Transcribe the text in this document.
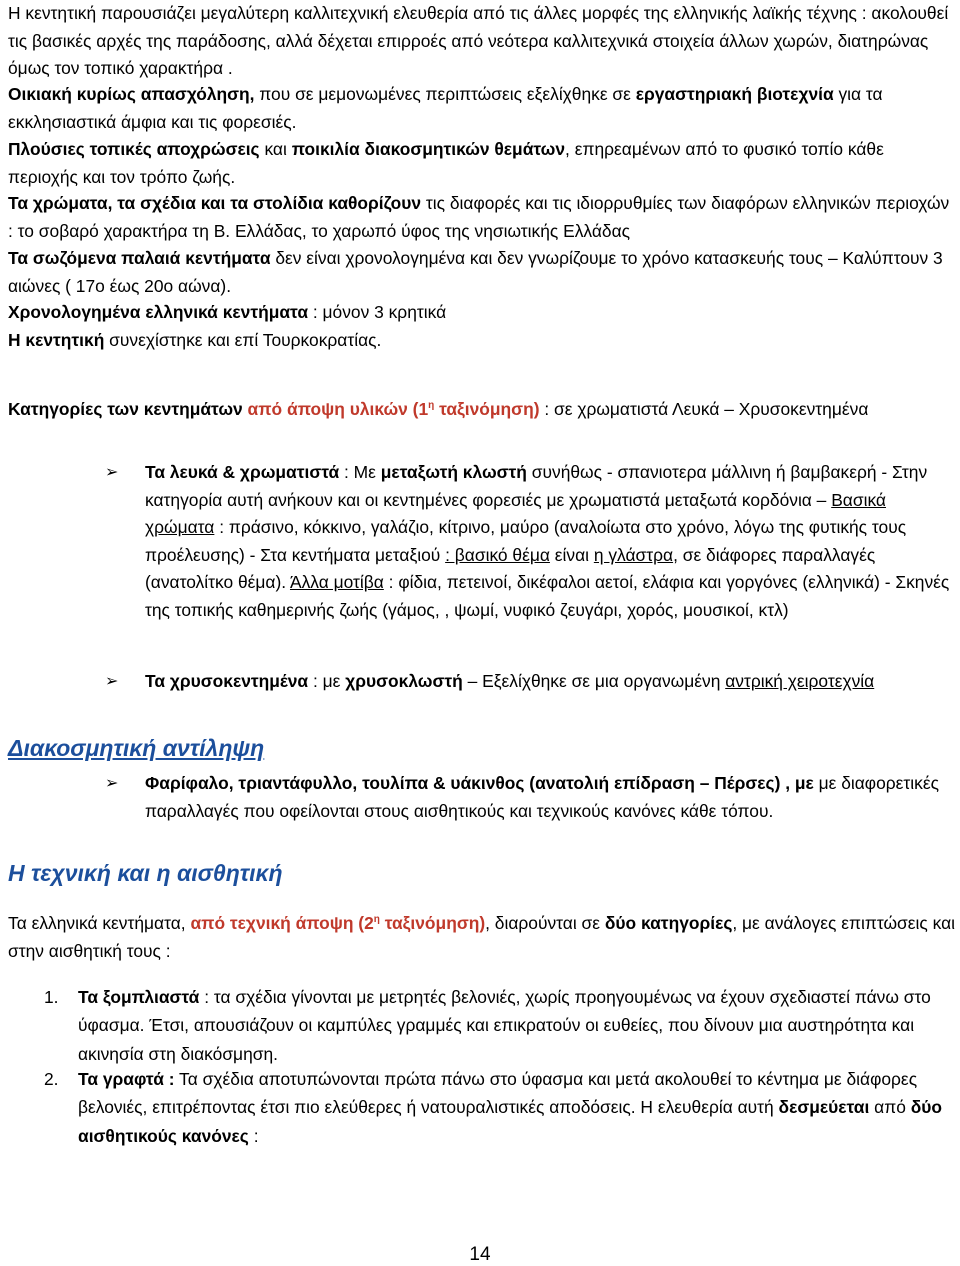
Η κεντητική παρουσιάζει μεγαλύτερη καλλιτεχνική ελευθερία από τις άλλες μορφές της ελληνικής λαϊκής τέχνης : ακολουθεί τις βασικές αρχές της παράδοσης, αλλά δέχεται επιρροές από νεότερα καλλιτεχνικά στοιχεία άλλων χωρών, διατηρώνας όμως τον τοπικό χαρακτήρα .

Οικιακή κυρίως απασχόληση, που σε μεμονωμένες περιπτώσεις εξελίχθηκε σε εργαστηριακή βιοτεχνία για τα εκκλησιαστικά άμφια και τις φορεσιές.

Πλούσιες τοπικές αποχρώσεις και ποικιλία διακοσμητικών θεμάτων, επηρεαμένων από το φυσικό τοπίο κάθε περιοχής και τον τρόπο ζωής.

Τα χρώματα, τα σχέδια και τα στολίδια καθορίζουν τις διαφορές και τις ιδιορρυθμίες των διαφόρων ελληνικών περιοχών : το σοβαρό χαρακτήρα τη Β. Ελλάδας, το χαρωπό ύφος της νησιωτικής Ελλάδας

Τα σωζόμενα παλαιά κεντήματα δεν είναι χρονολογημένα και δεν γνωρίζουμε το χρόνο κατασκευής τους – Καλύπτουν 3 αιώνες ( 17ο έως 20ο αώνα).

Χρονολογημένα ελληνικά κεντήματα : μόνον 3 κρητικά

Η κεντητική συνεχίστηκε και επί Τουρκοκρατίας.

Κατηγορίες των κεντημάτων από άποψη υλικών ($1^\eta$ ταξινόμηση) : σε χρωματιστά Λευκά – Χρυσοκεντημένα

➢ Τα λευκά & χρωματιστά : Με μεταξωτή κλωστή συνήθως - σπανιοτερα μάλλινη ή βαμβακερή - Στην κατηγορία αυτή ανήκουν και οι κεντημένες φορεσιές με χρωματιστά μεταξωτά κορδόνια – Βασικά χρώματα : πράσινο, κόκκινο, γαλάζιο, κίτρινο, μαύρο (αναλοίωτα στο χρόνο, λόγω της φυτικής τους προέλευσης) - Στα κεντήματα μεταξιού : βασικό θέμα είναι η γλάστρα, σε διάφορες παραλλαγές (ανατολίτκο θέμα). Άλλα μοτίβα : φίδια, πετεινοί, δικέφαλοι αετοί, ελάφια και γοργόνες (ελληνικά) - Σκηνές της τοπικής καθημερινής ζωής (γάμος, , ψωμί, νυφικό ζευγάρι, χορός, μουσικοί, κτλ)

➢ Τα χρυσοκεντημένα : με χρυσοκλωστή – Εξελίχθηκε σε μια οργανωμένη αντρική χειροτεχνία

Διακοσμητική αντίληψη
➢ Φαρίφαλο, τριαντάφυλλο, τουλίπα & υάκινθος (ανατολιή επίδραση – Πέρσες) , με με διαφορετικές παραλλαγές που οφείλονται στους αισθητικούς και τεχνικούς κανόνες κάθε τόπου.

Η τεχνική και η αισθητική

Τα ελληνικά κεντήματα, από τεχνική άποψη ($2^\eta$ ταξινόμηση), διαρούνται σε δύο κατηγορίες, με ανάλογες επιπτώσεις και στην αισθητική τους :

1. Τα ξομπλιαστά : τα σχέδια γίνονται με μετρητές βελονιές, χωρίς προηγουμένως να έχουν σχεδιαστεί πάνω στο ύφασμα. Έτσι, απουσιάζουν οι καμπύλες γραμμές και επικρατούν οι ευθείες, που δίνουν μια αυστηρότητα και ακινησία στη διακόσμηση.

2. Τα γραφτά : Τα σχέδια αποτυπώνονται πρώτα πάνω στο ύφασμα και μετά ακολουθεί το κέντημα με διάφορες βελονιές, επιτρέποντας έτσι πιο ελεύθερες ή νατουραλιστικές αποδόσεις. Η ελευθερία αυτή δεσμεύεται από δύο αισθητικούς κανόνες :

14
